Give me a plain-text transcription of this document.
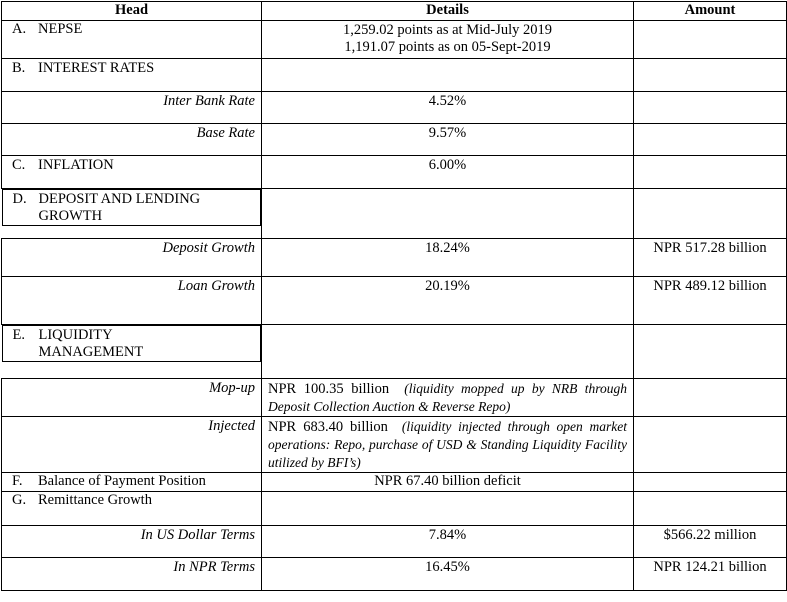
Head	Details	Amount
A. NEPSE	1,259.02 points as at Mid-July 2019
1,191.07 points as on 05-Sept-2019	

B. INTEREST RATES		
Inter Bank Rate	4.52%	
Base Rate	9.57%	
C. INFLATION	6.00%	

D. DEPOSIT AND LENDING GROWTH

Deposit Growth	18.24%	NPR 517.28 billion
Loan Growth	20.19%	NPR 489.12 billion

E. LIQUIDITY MANAGEMENT

Mop-up	NPR 100.35 billion (liquidity mopped up by NRB through Deposit Collection Auction & Reverse Repo)	
Injected	NPR 683.40 billion (liquidity injected through open market operations: Repo, purchase of USD & Standing Liquidity Facility utilized by BFI’s)	
F. Balance of Payment Position	NPR 67.40 billion deficit	
G. Remittance Growth		
In US Dollar Terms	7.84%	$566.22 million
In NPR Terms	16.45%	NPR 124.21 billion
